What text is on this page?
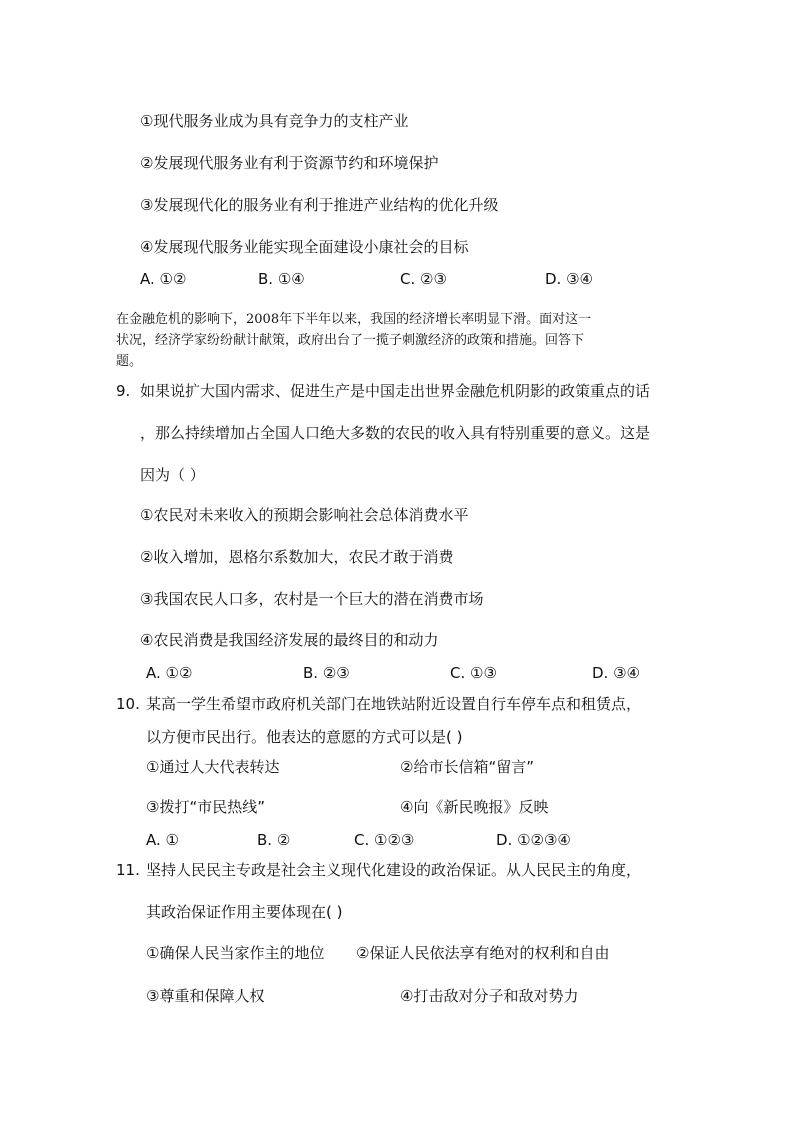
①现代服务业成为具有竞争力的支柱产业
②发展现代服务业有利于资源节约和环境保护
③发展现代化的服务业有利于推进产业结构的优化升级
④发展现代服务业能实现全面建设小康社会的目标
A. ①②	B. ①④	C. ②③	D. ③④
在金融危机的影响下，2008年下半年以来，我国的经济增长率明显下滑。面对这一
状况，经济学家纷纷献计献策，政府出台了一揽子刺激经济的政策和措施。回答下
题。
9. 如果说扩大国内需求、促进生产是中国走出世界金融危机阴影的政策重点的话
，那么持续增加占全国人口绝大多数的农民的收入具有特别重要的意义。这是
因为（ ）
①农民对未来收入的预期会影响社会总体消费水平
②收入增加，恩格尔系数加大，农民才敢于消费
③我国农民人口多，农村是一个巨大的潜在消费市场
④农民消费是我国经济发展的最终目的和动力
A. ①②	B. ②③	C. ①③	D. ③④
10. 某高一学生希望市政府机关部门在地铁站附近设置自行车停车点和租赁点，
以方便市民出行。他表达的意愿的方式可以是( )
①通过人大代表转达	②给市长信箱“留言”
③拨打“市民热线”	④向《新民晚报》反映
A. ①	B. ②	C. ①②③	D. ①②③④
11. 坚持人民民主专政是社会主义现代化建设的政治保证。从人民民主的角度，
其政治保证作用主要体现在( )
①确保人民当家作主的地位 ②保证人民依法享有绝对的权利和自由
③尊重和保障人权	④打击敌对分子和敌对势力
